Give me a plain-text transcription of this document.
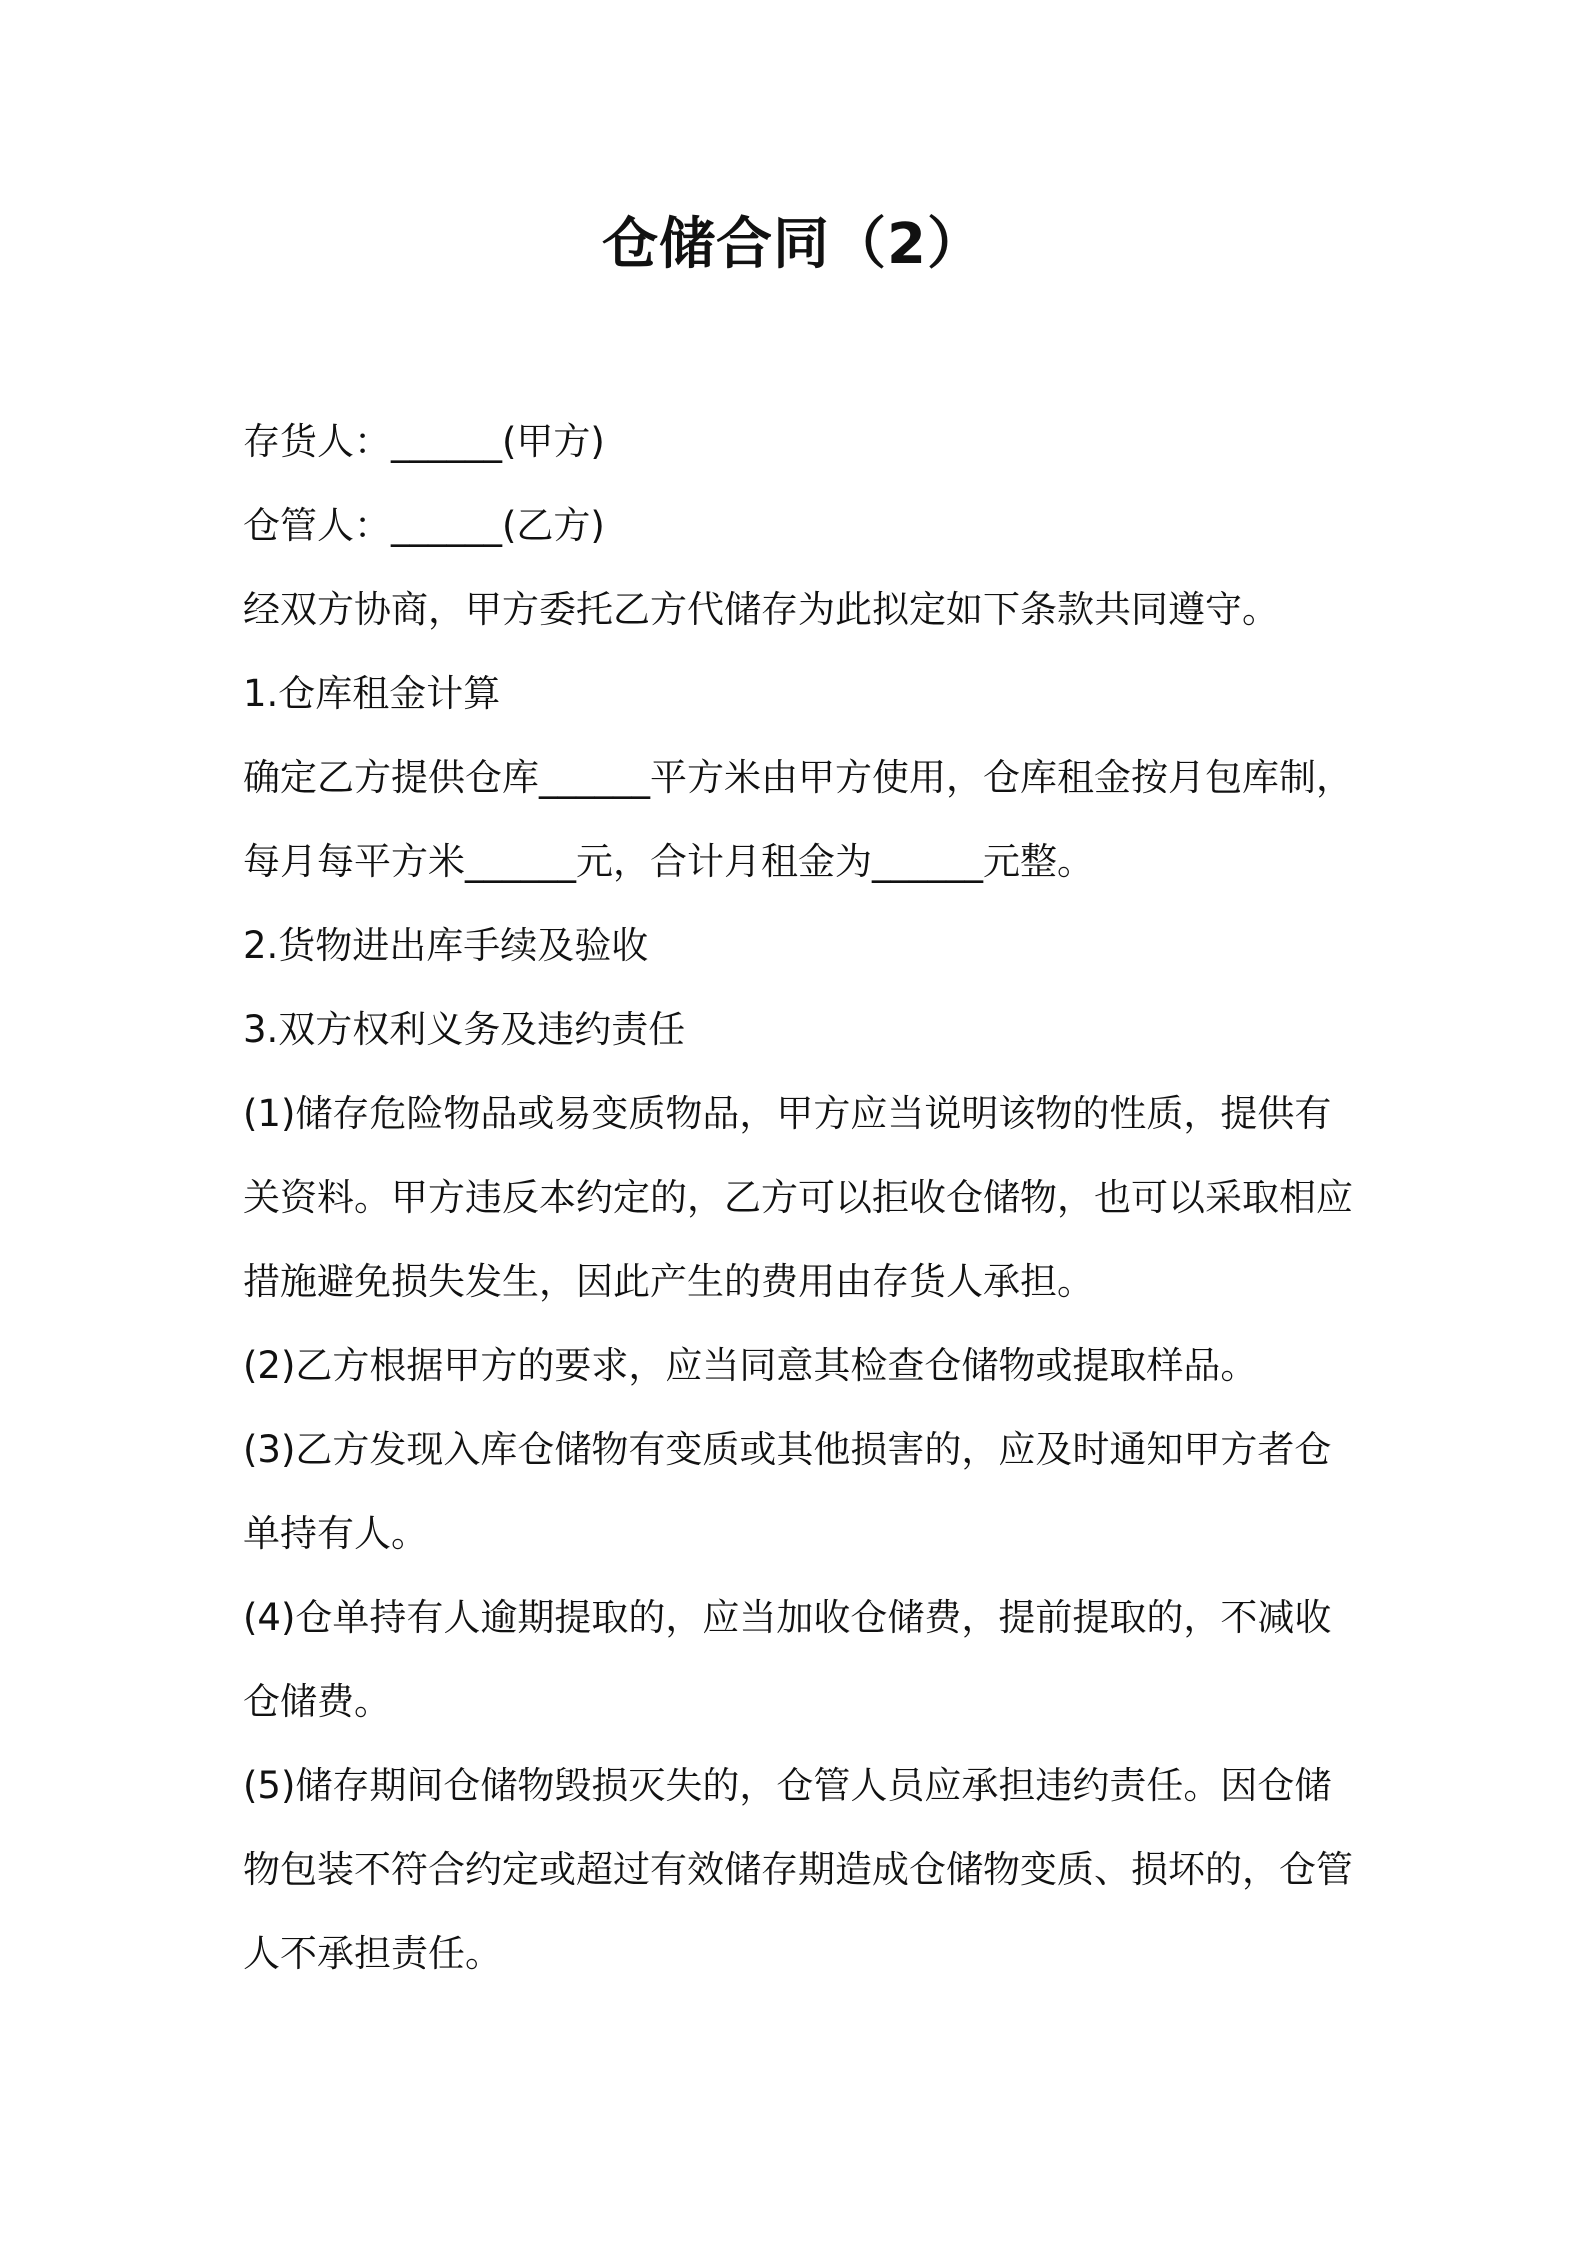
仓储合同（2）

存货人：______(甲方)

仓管人：______(乙方)

经双方协商，甲方委托乙方代储存为此拟定如下条款共同遵守。

1.仓库租金计算

确定乙方提供仓库______平方米由甲方使用，仓库租金按月包库制，

每月每平方米______元，合计月租金为______元整。

2.货物进出库手续及验收

3.双方权利义务及违约责任

(1)储存危险物品或易变质物品，甲方应当说明该物的性质，提供有

关资料。甲方违反本约定的，乙方可以拒收仓储物，也可以采取相应

措施避免损失发生，因此产生的费用由存货人承担。

(2)乙方根据甲方的要求，应当同意其检查仓储物或提取样品。

(3)乙方发现入库仓储物有变质或其他损害的，应及时通知甲方者仓

单持有人。

(4)仓单持有人逾期提取的，应当加收仓储费，提前提取的，不减收

仓储费。

(5)储存期间仓储物毁损灭失的，仓管人员应承担违约责任。因仓储

物包装不符合约定或超过有效储存期造成仓储物变质、损坏的，仓管

人不承担责任。
